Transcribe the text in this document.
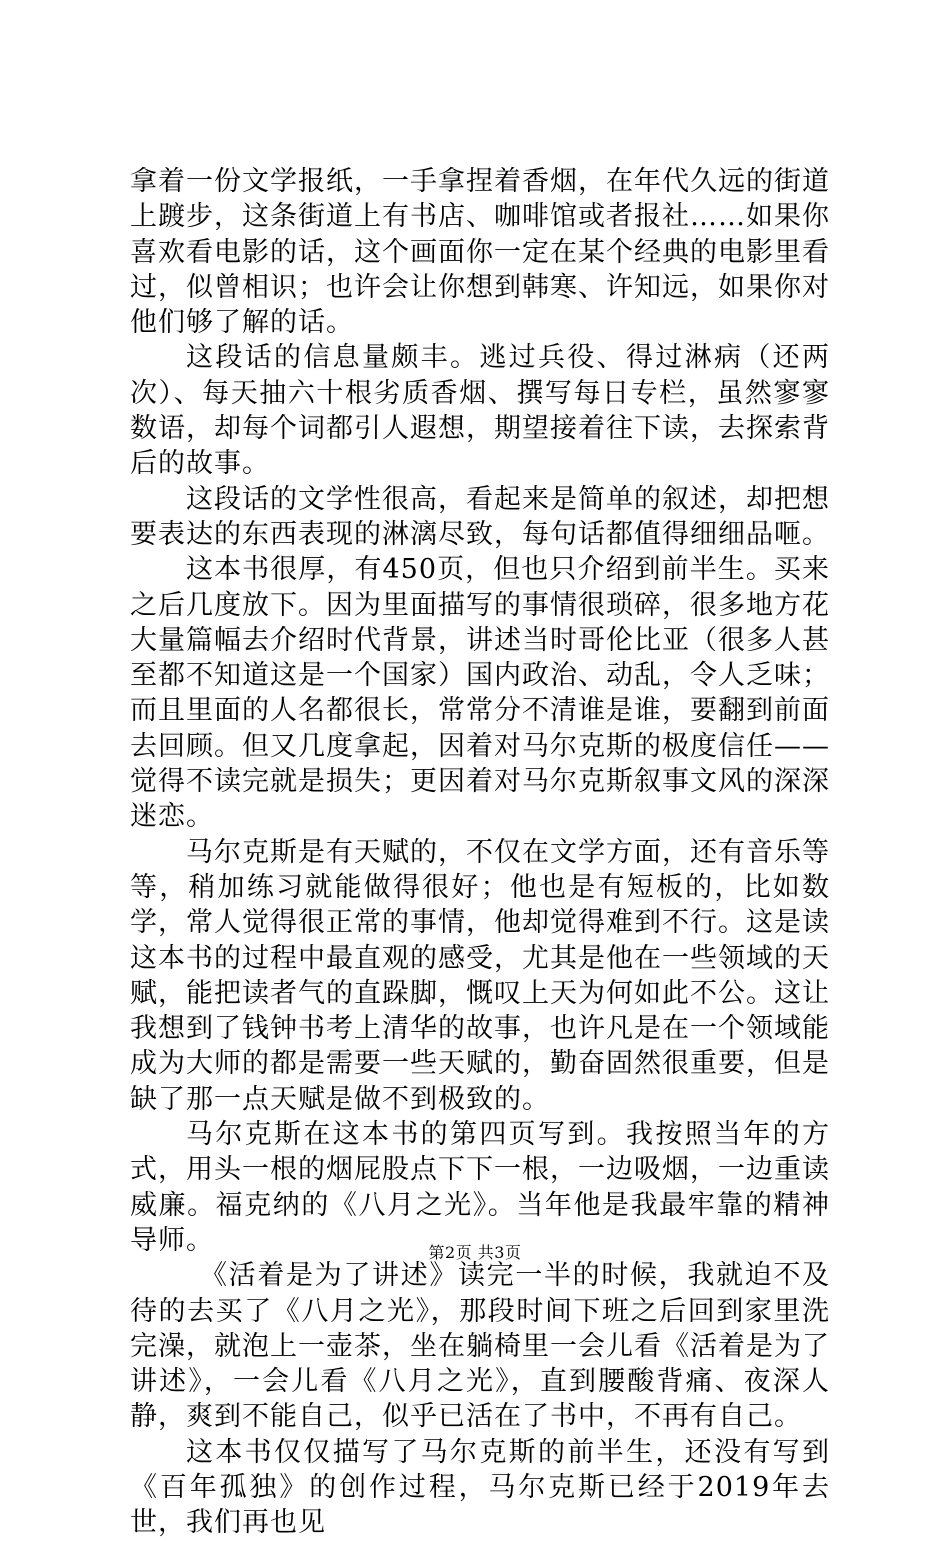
拿着一份文学报纸，一手拿捏着香烟，在年代久远的街道上踱步，这条街道上有书店、咖啡馆或者报社……如果你喜欢看电影的话，这个画面你一定在某个经典的电影里看过，似曾相识；也许会让你想到韩寒、许知远，如果你对他们够了解的话。

这段话的信息量颇丰。逃过兵役、得过淋病（还两次）、每天抽六十根劣质香烟、撰写每日专栏，虽然寥寥数语，却每个词都引人遐想，期望接着往下读，去探索背后的故事。

这段话的文学性很高，看起来是简单的叙述，却把想要表达的东西表现的淋漓尽致，每句话都值得细细品咂。

这本书很厚，有450页，但也只介绍到前半生。买来之后几度放下。因为里面描写的事情很琐碎，很多地方花大量篇幅去介绍时代背景，讲述当时哥伦比亚（很多人甚至都不知道这是一个国家）国内政治、动乱，令人乏味；而且里面的人名都很长，常常分不清谁是谁，要翻到前面去回顾。但又几度拿起，因着对马尔克斯的极度信任——觉得不读完就是损失；更因着对马尔克斯叙事文风的深深迷恋。

马尔克斯是有天赋的，不仅在文学方面，还有音乐等等，稍加练习就能做得很好；他也是有短板的，比如数学，常人觉得很正常的事情，他却觉得难到不行。这是读这本书的过程中最直观的感受，尤其是他在一些领域的天赋，能把读者气的直跺脚，慨叹上天为何如此不公。这让我想到了钱钟书考上清华的故事，也许凡是在一个领域能成为大师的都是需要一些天赋的，勤奋固然很重要，但是缺了那一点天赋是做不到极致的。

马尔克斯在这本书的第四页写到。我按照当年的方式，用头一根的烟屁股点下下一根，一边吸烟，一边重读威廉。福克纳的《八月之光》。当年他是我最牢靠的精神导师。

《活着是为了讲述》读完一半的时候，我就迫不及待的去买了《八月之光》，那段时间下班之后回到家里洗完澡，就泡上一壶茶，坐在躺椅里一会儿看《活着是为了讲述》，一会儿看《八月之光》，直到腰酸背痛、夜深人静，爽到不能自己，似乎已活在了书中，不再有自己。

这本书仅仅描写了马尔克斯的前半生，还没有写到《百年孤独》的创作过程，马尔克斯已经于2019年去世，我们再也见

第2页 共3页
